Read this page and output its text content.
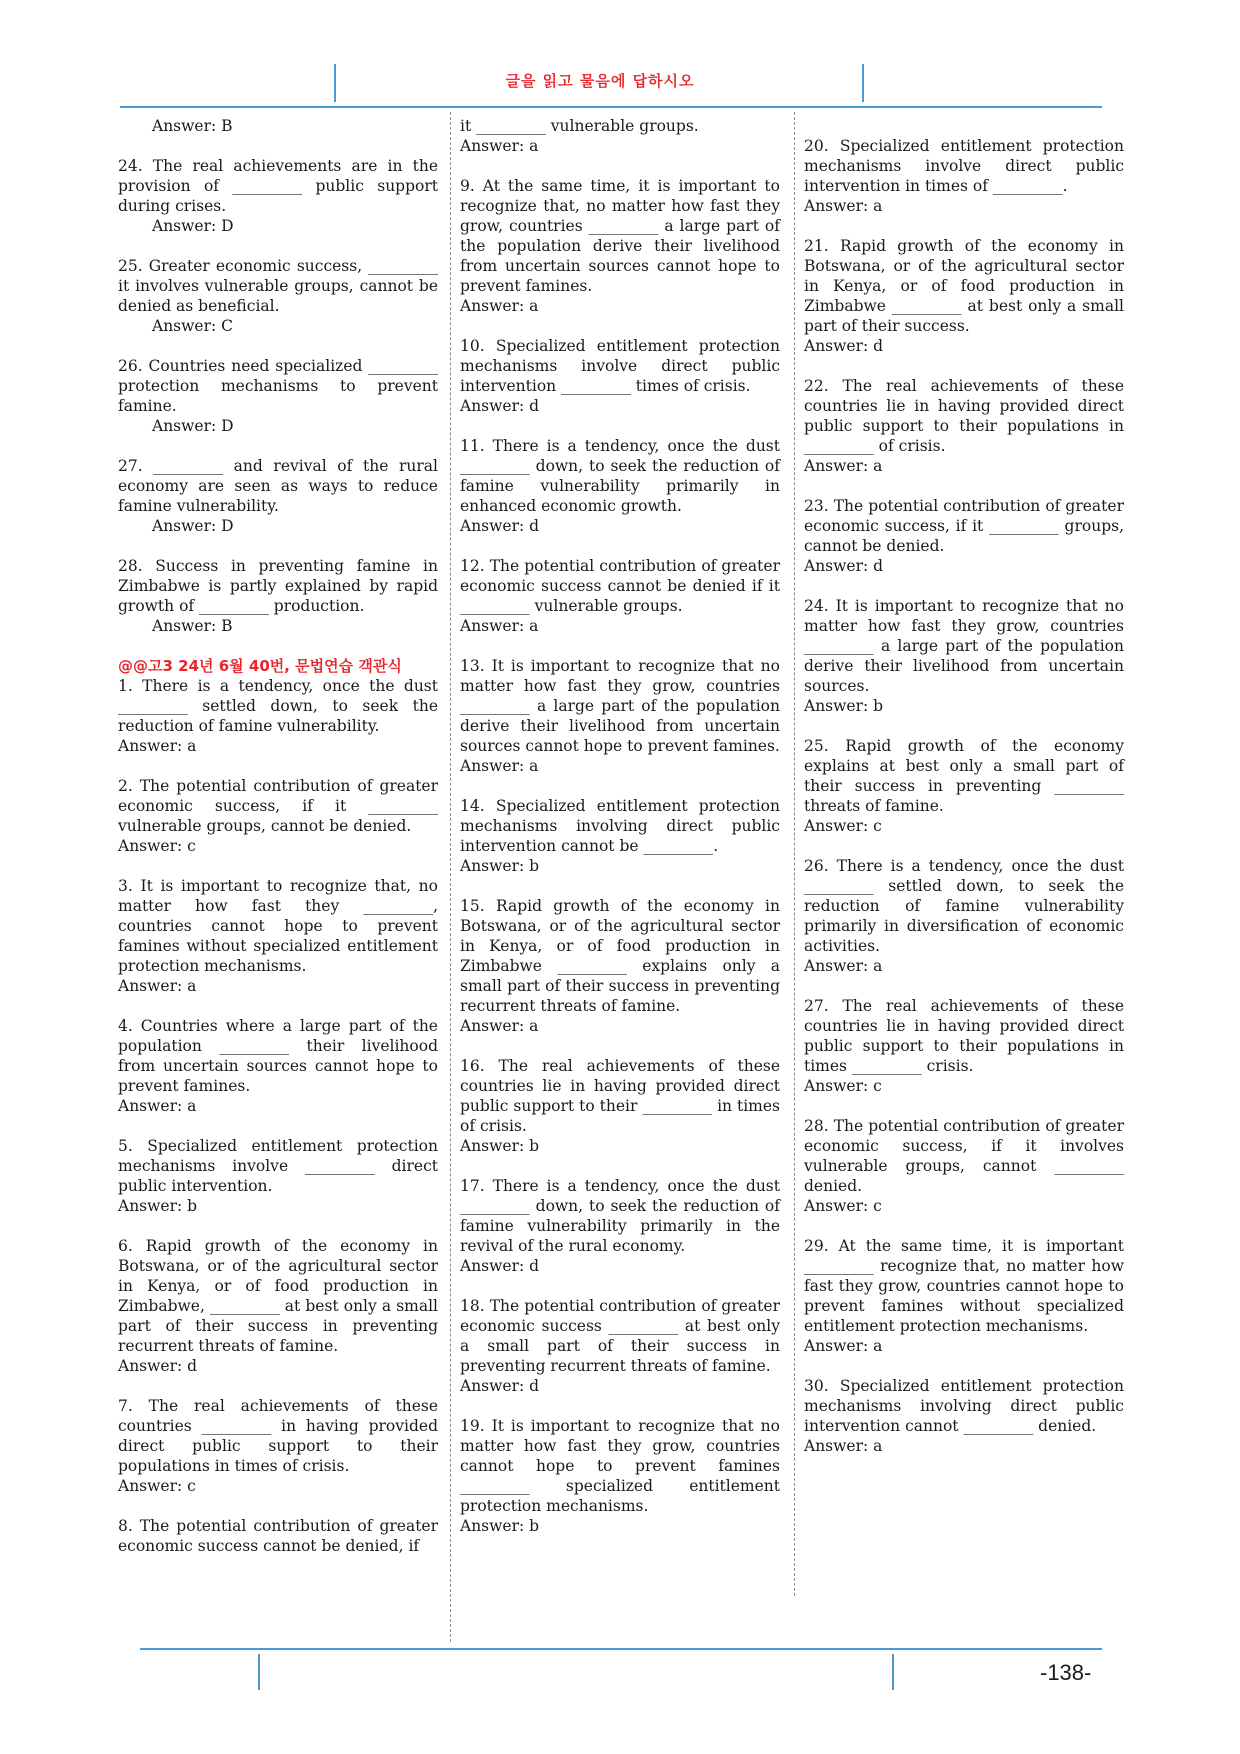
글을 읽고 물음에 답하시오

Answer: B

24. The real achievements are in the provision of _________ public support during crises.

Answer: D

25. Greater economic success, _________ it involves vulnerable groups, cannot be denied as beneficial.

Answer: C

26. Countries need specialized _________ protection mechanisms to prevent famine.

Answer: D

27. _________ and revival of the rural economy are seen as ways to reduce famine vulnerability.

Answer: D

28. Success in preventing famine in Zimbabwe is partly explained by rapid growth of _________ production.

Answer: B

@@고3 24년 6월 40번, 문법연습 객관식

1. There is a tendency, once the dust _________ settled down, to seek the reduction of famine vulnerability.

Answer: a

2. The potential contribution of greater economic success, if it _________ vulnerable groups, cannot be denied.

Answer: c

3. It is important to recognize that, no matter how fast they _________, countries cannot hope to prevent famines without specialized entitlement protection mechanisms.

Answer: a

4. Countries where a large part of the population _________ their livelihood from uncertain sources cannot hope to prevent famines.

Answer: a

5. Specialized entitlement protection mechanisms involve _________ direct public intervention.

Answer: b

6. Rapid growth of the economy in Botswana, or of the agricultural sector in Kenya, or of food production in Zimbabwe, _________ at best only a small part of their success in preventing recurrent threats of famine.

Answer: d

7. The real achievements of these countries _________ in having provided direct public support to their populations in times of crisis.

Answer: c

8. The potential contribution of greater economic success cannot be denied, if

it _________ vulnerable groups.

Answer: a

9. At the same time, it is important to recognize that, no matter how fast they grow, countries _________ a large part of the population derive their livelihood from uncertain sources cannot hope to prevent famines.

Answer: a

10. Specialized entitlement protection mechanisms involve direct public intervention _________ times of crisis.

Answer: d

11. There is a tendency, once the dust _________ down, to seek the reduction of famine vulnerability primarily in enhanced economic growth.

Answer: d

12. The potential contribution of greater economic success cannot be denied if it _________ vulnerable groups.

Answer: a

13. It is important to recognize that no matter how fast they grow, countries _________ a large part of the population derive their livelihood from uncertain sources cannot hope to prevent famines.

Answer: a

14. Specialized entitlement protection mechanisms involving direct public intervention cannot be _________.

Answer: b

15. Rapid growth of the economy in Botswana, or of the agricultural sector in Kenya, or of food production in Zimbabwe _________ explains only a small part of their success in preventing recurrent threats of famine.

Answer: a

16. The real achievements of these countries lie in having provided direct public support to their _________ in times of crisis.

Answer: b

17. There is a tendency, once the dust _________ down, to seek the reduction of famine vulnerability primarily in the revival of the rural economy.

Answer: d

18. The potential contribution of greater economic success _________ at best only a small part of their success in preventing recurrent threats of famine.

Answer: d

19. It is important to recognize that no matter how fast they grow, countries cannot hope to prevent famines _________ specialized entitlement protection mechanisms.

Answer: b

20. Specialized entitlement protection mechanisms involve direct public intervention in times of _________.

Answer: a

21. Rapid growth of the economy in Botswana, or of the agricultural sector in Kenya, or of food production in Zimbabwe _________ at best only a small part of their success.

Answer: d

22. The real achievements of these countries lie in having provided direct public support to their populations in _________ of crisis.

Answer: a

23. The potential contribution of greater economic success, if it _________ groups, cannot be denied.

Answer: d

24. It is important to recognize that no matter how fast they grow, countries _________ a large part of the population derive their livelihood from uncertain sources.

Answer: b

25. Rapid growth of the economy explains at best only a small part of their success in preventing _________ threats of famine.

Answer: c

26. There is a tendency, once the dust _________ settled down, to seek the reduction of famine vulnerability primarily in diversification of economic activities.

Answer: a

27. The real achievements of these countries lie in having provided direct public support to their populations in times _________ crisis.

Answer: c

28. The potential contribution of greater economic success, if it involves vulnerable groups, cannot _________ denied.

Answer: c

29. At the same time, it is important _________ recognize that, no matter how fast they grow, countries cannot hope to prevent famines without specialized entitlement protection mechanisms.

Answer: a

30. Specialized entitlement protection mechanisms involving direct public intervention cannot _________ denied.

Answer: a

-138-
